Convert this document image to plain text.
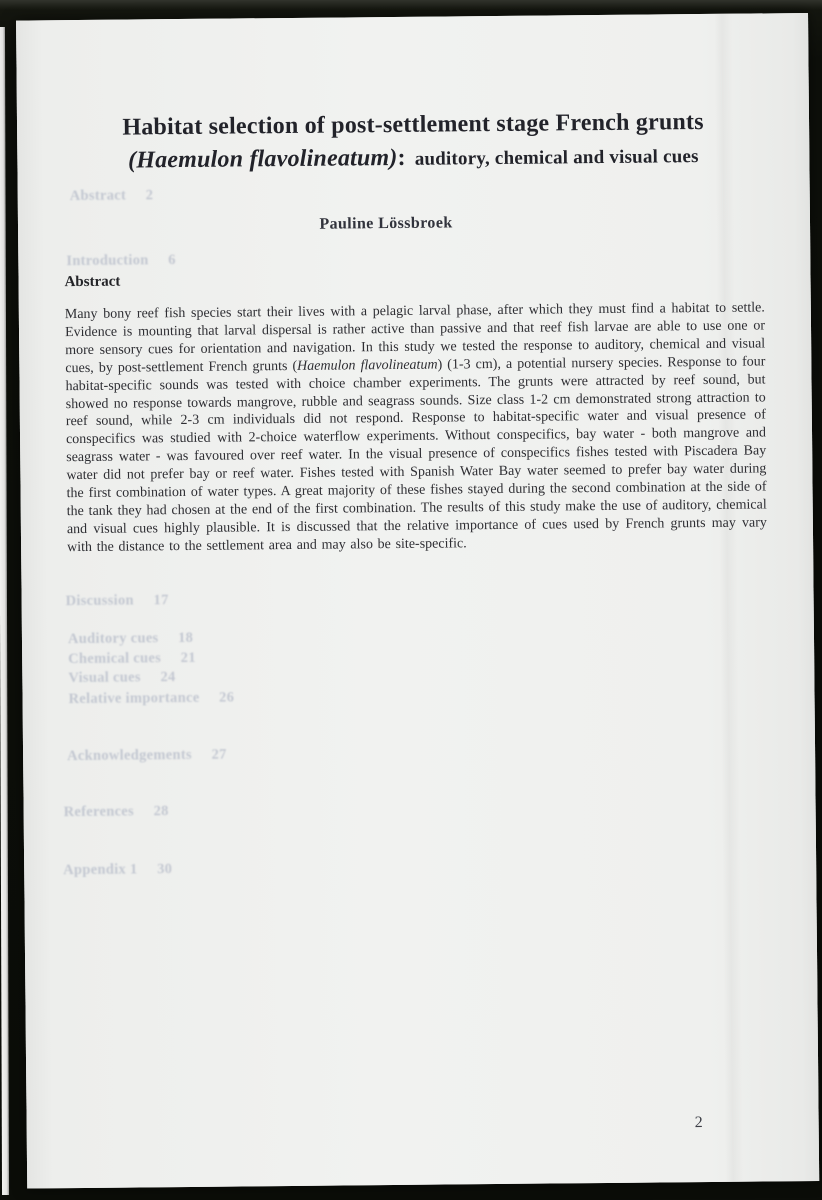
Abstract     2
Introduction     6
Discussion     17
Auditory cues     18
Chemical cues     21
Visual cues     24
Relative importance     26
Acknowledgements     27
References     28
Appendix 1     30
Habitat selection of post-settlement stage French grunts
(Haemulon flavolineatum): auditory, chemical and visual cues
Pauline Lössbroek
Abstract

Many bony reef fish species start their lives with a pelagic larval phase, after which they must find a habitat to settle. Evidence is mounting that larval dispersal is rather active than passive and that reef fish larvae are able to use one or more sensory cues for orientation and navigation. In this study we tested the response to auditory, chemical and visual cues, by post-settlement French grunts (Haemulon flavolineatum) (1-3 cm), a potential nursery species. Response to four habitat-specific sounds was tested with choice chamber experiments. The grunts were attracted by reef sound, but showed no response towards mangrove, rubble and seagrass sounds. Size class 1-2 cm demonstrated strong attraction to reef sound, while 2-3 cm individuals did not respond. Response to habitat-specific water and visual presence of conspecifics was studied with 2-choice waterflow experiments. Without conspecifics, bay water - both mangrove and seagrass water - was favoured over reef water. In the visual presence of conspecifics fishes tested with Piscadera Bay water did not prefer bay or reef water. Fishes tested with Spanish Water Bay water seemed to prefer bay water during the first combination of water types. A great majority of these fishes stayed during the second combination at the side of the tank they had chosen at the end of the first combination. The results of this study make the use of auditory, chemical and visual cues highly plausible. It is discussed that the relative importance of cues used by French grunts may vary with the distance to the settlement area and may also be site-specific.

2
